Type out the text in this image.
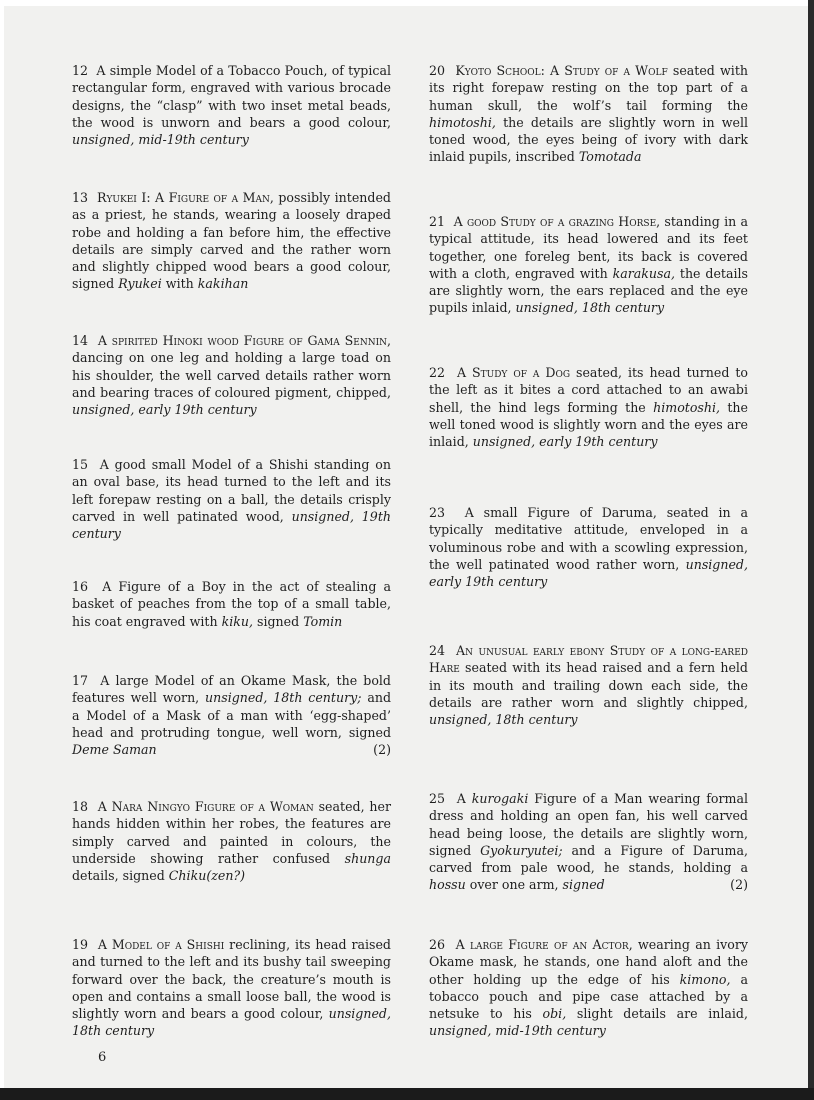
12 A simple Model of a Tobacco Pouch, of typical rectangular form, engraved with various brocade designs, the “clasp” with two inset metal beads, the wood is unworn and bears a good colour, unsigned, mid-19th century

13 Ryukei I: A Figure of a Man, possibly intended as a priest, he stands, wearing a loosely draped robe and holding a fan before him, the effective details are simply carved and the rather worn and slightly chipped wood bears a good colour, signed Ryukei with kakihan

14 A spirited Hinoki wood Figure of Gama Sennin, dancing on one leg and holding a large toad on his shoulder, the well carved details rather worn and bearing traces of coloured pigment, chipped, unsigned, early 19th century

15 A good small Model of a Shishi standing on an oval base, its head turned to the left and its left forepaw resting on a ball, the details crisply carved in well patinated wood, unsigned, 19th century

16 A Figure of a Boy in the act of stealing a basket of peaches from the top of a small table, his coat engraved with kiku, signed Tomin

17 A large Model of an Okame Mask, the bold features well worn, unsigned, 18th century; and a Model of a Mask of a man with ‘egg-shaped’ head and protruding tongue, well worn, signed Deme Saman	(2)

18 A Nara Ningyo Figure of a Woman seated, her hands hidden within her robes, the features are simply carved and painted in colours, the underside showing rather confused shunga details, signed Chiku(zen?)

19 A Model of a Shishi reclining, its head raised and turned to the left and its bushy tail sweeping forward over the back, the creature’s mouth is open and contains a small loose ball, the wood is slightly worn and bears a good colour, unsigned, 18th century

20 Kyoto School: A Study of a Wolf seated with its right forepaw resting on the top part of a human skull, the wolf’s tail forming the himotoshi, the details are slightly worn in well toned wood, the eyes being of ivory with dark inlaid pupils, inscribed Tomotada

21 A good Study of a grazing Horse, standing in a typical attitude, its head lowered and its feet together, one foreleg bent, its back is covered with a cloth, engraved with karakusa, the details are slightly worn, the ears replaced and the eye pupils inlaid, unsigned, 18th century

22 A Study of a Dog seated, its head turned to the left as it bites a cord attached to an awabi shell, the hind legs forming the himotoshi, the well toned wood is slightly worn and the eyes are inlaid, unsigned, early 19th century

23 A small Figure of Daruma, seated in a typically meditative attitude, enveloped in a voluminous robe and with a scowling expression, the well patinated wood rather worn, unsigned, early 19th century

24 An unusual early ebony Study of a long-eared Hare seated with its head raised and a fern held in its mouth and trailing down each side, the details are rather worn and slightly chipped, unsigned, 18th century

25 A kurogaki Figure of a Man wearing formal dress and holding an open fan, his well carved head being loose, the details are slightly worn, signed Gyokuryutei; and a Figure of Daruma, carved from pale wood, he stands, holding a hossu over one arm, signed	(2)

26 A large Figure of an Actor, wearing an ivory Okame mask, he stands, one hand aloft and the other holding up the edge of his kimono, a tobacco pouch and pipe case attached by a netsuke to his obi, slight details are inlaid, unsigned, mid-19th century

6
